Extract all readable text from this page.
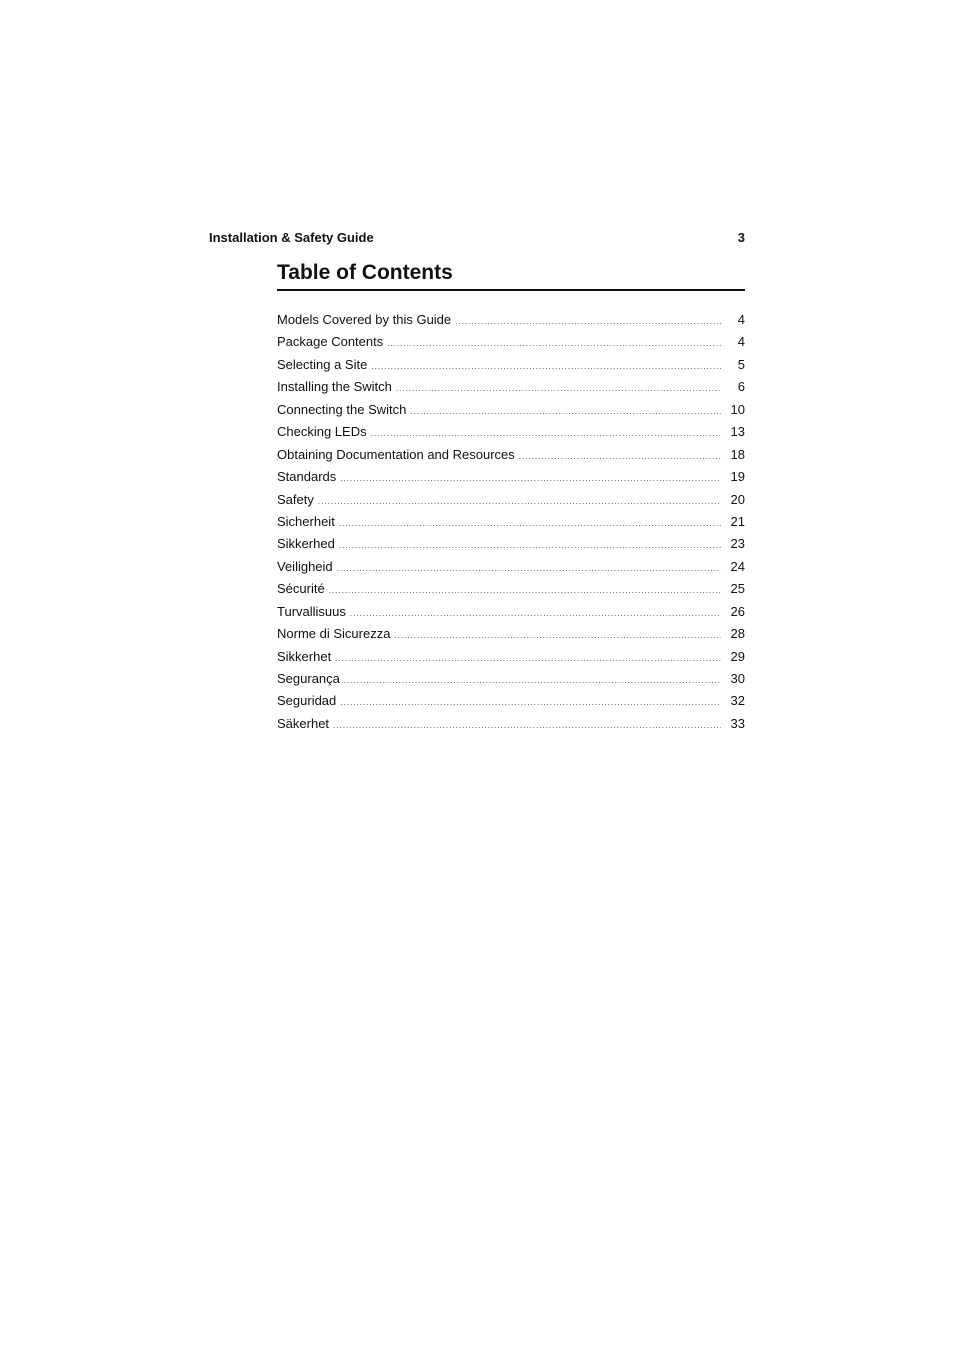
Installation & Safety Guide	3
Table of Contents
Models Covered by this Guide .....	4
Package Contents .....	4
Selecting a Site .....	5
Installing the Switch .....	6
Connecting the Switch .....	10
Checking LEDs .....	13
Obtaining Documentation and Resources .....	18
Standards .....	19
Safety .....	20
Sicherheit .....	21
Sikkerhed .....	23
Veiligheid .....	24
Sécurité .....	25
Turvallisuus .....	26
Norme di Sicurezza .....	28
Sikkerhet .....	29
Segurança .....	30
Seguridad .....	32
Säkerhet .....	33
